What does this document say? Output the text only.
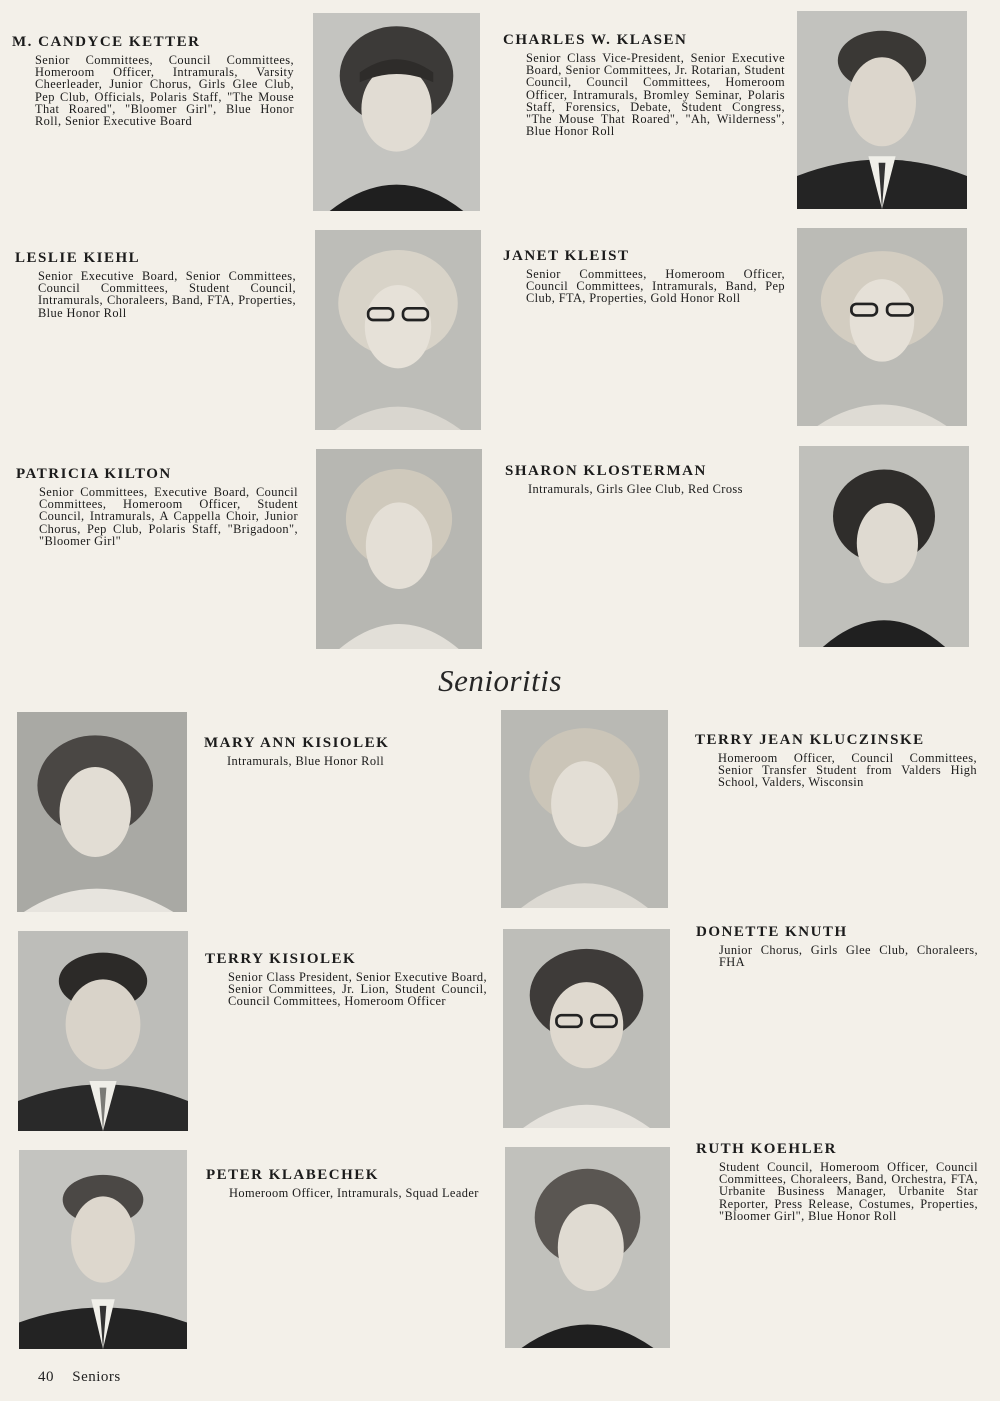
M. CANDYCE KETTER
Senior Committees, Council Committees, Homeroom Officer, Intramurals, Varsity Cheerleader, Junior Chorus, Girls Glee Club, Pep Club, Officials, Polaris Staff, "The Mouse That Roared", "Bloomer Girl", Blue Honor Roll, Senior Executive Board
LESLIE KIEHL
Senior Executive Board, Senior Committees, Council Committees, Student Council, Intramurals, Choraleers, Band, FTA, Properties, Blue Honor Roll
PATRICIA KILTON
Senior Committees, Executive Board, Council Committees, Homeroom Officer, Student Council, Intramurals, A Cappella Choir, Junior Chorus, Pep Club, Polaris Staff, "Brigadoon", "Bloomer Girl"
CHARLES W. KLASEN
Senior Class Vice-President, Senior Executive Board, Senior Committees, Jr. Rotarian, Student Council, Council Committees, Homeroom Officer, Intramurals, Bromley Seminar, Polaris Staff, Forensics, Debate, Student Congress, "The Mouse That Roared", "Ah, Wilderness", Blue Honor Roll
JANET KLEIST
Senior Committees, Homeroom Officer, Council Committees, Intramurals, Band, Pep Club, FTA, Properties, Gold Honor Roll
SHARON KLOSTERMAN
Intramurals, Girls Glee Club, Red Cross
Senioritis
MARY ANN KISIOLEK
Intramurals, Blue Honor Roll
TERRY KISIOLEK
Senior Class President, Senior Executive Board, Senior Committees, Jr. Lion, Student Council, Council Committees, Homeroom Officer
PETER KLABECHEK
Homeroom Officer, Intramurals, Squad Leader
TERRY JEAN KLUCZINSKE
Homeroom Officer, Council Committees, Senior Transfer Student from Valders High School, Valders, Wisconsin
DONETTE KNUTH
Junior Chorus, Girls Glee Club, Choraleers, FHA
RUTH KOEHLER
Student Council, Homeroom Officer, Council Committees, Choraleers, Band, Orchestra, FTA, Urbanite Business Manager, Urbanite Star Reporter, Press Release, Costumes, Properties, "Bloomer Girl", Blue Honor Roll
40 Seniors
